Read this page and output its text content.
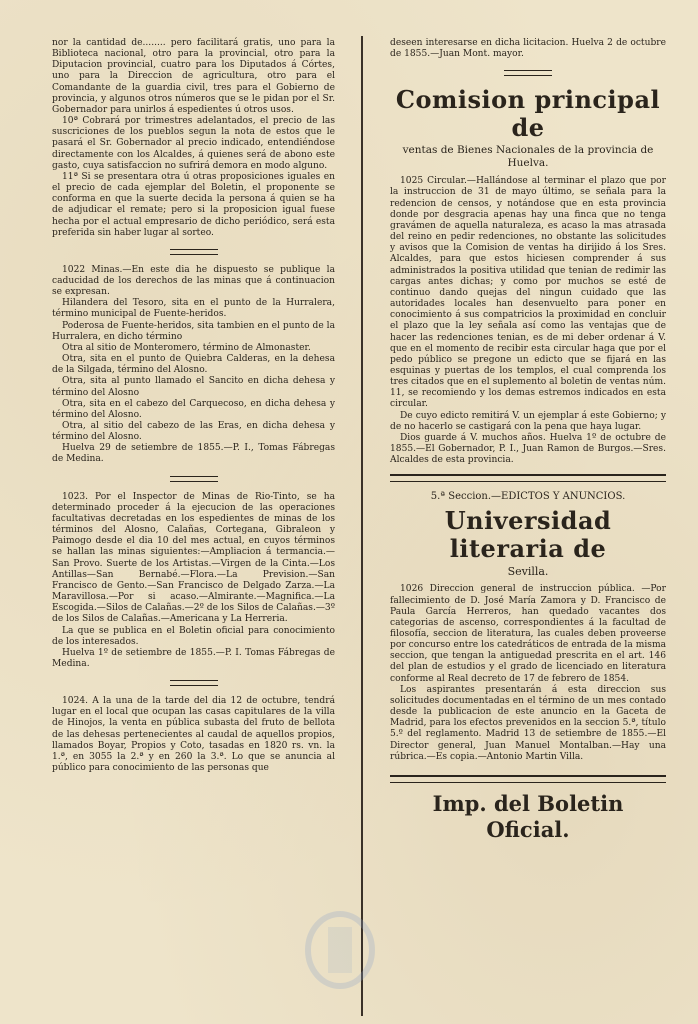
nor la cantidad de........ pero facilitará gratis, uno para la Biblioteca nacional, otro para la provincial, otro para la Diputacion provincial, cuatro para los Diputados á Córtes, uno para la Direccion de agricultura, otro para el Comandante de la guardia civil, tres para el Gobierno de provincia, y algunos otros números que se le pidan por el Sr. Gobernador para unirlos á espedientes ú otros usos.

10ª Cobrará por trimestres adelantados, el precio de las suscriciones de los pueblos segun la nota de estos que le pasará el Sr. Gobernador al precio indicado, entendiéndose directamente con los Alcaldes, á quienes será de abono este gasto, cuya satisfaccion no sufrirá demora en modo alguno.

11ª Si se presentara otra ú otras proposiciones iguales en el precio de cada ejemplar del Boletin, el proponente se conforma en que la suerte decida la persona á quien se ha de adjudicar el remate; pero si la proposicion igual fuese hecha por el actual empresario de dicho periódico, será esta preferida sin haber lugar al sorteo.

1022 Minas.—En este dia he dispuesto se publique la caducidad de los derechos de las minas que á continuacion se expresan.

Hilandera del Tesoro, sita en el punto de la Hurralera, término municipal de Fuente-heridos.

Poderosa de Fuente-heridos, sita tambien en el punto de la Hurralera, en dicho término

Otra al sitio de Monteromero, término de Almonaster.

Otra, sita en el punto de Quiebra Calderas, en la dehesa de la Silgada, término del Alosno.

Otra, sita al punto llamado el Sancito en dicha dehesa y término del Alosno

Otra, sita en el cabezo del Carquecoso, en dicha dehesa y término del Alosno.

Otra, al sitio del cabezo de las Eras, en dicha dehesa y término del Alosno.

Huelva 29 de setiembre de 1855.—P. I., Tomas Fábregas de Medina.

1023. Por el Inspector de Minas de Rio-Tinto, se ha determinado proceder á la ejecucion de las operaciones facultativas decretadas en los espedientes de minas de los términos del Alosno, Calañas, Cortegana, Gibraleon y Paimogo desde el dia 10 del mes actual, en cuyos términos se hallan las minas siguientes:—Ampliacion á termancia.—San Provo. Suerte de los Artistas.—Virgen de la Cinta.—Los Antillas—San Bernabé.—Flora.—La Prevision.—San Francisco de Gento.—San Francisco de Delgado Zarza.—La Maravillosa.—Por si acaso.—Almirante.—Magnifica.—La Escogida.—Silos de Calañas.—2º de los Silos de Calañas.—3º de los Silos de Calañas.—Americana y La Herreria.

La que se publica en el Boletin oficial para conocimiento de los interesados.

Huelva 1º de setiembre de 1855.—P. I. Tomas Fábregas de Medina.

1024. A la una de la tarde del dia 12 de octubre, tendrá lugar en el local que ocupan las casas capitulares de la villa de Hinojos, la venta en pública subasta del fruto de bellota de las dehesas pertenecientes al caudal de aquellos propios, llamados Boyar, Propios y Coto, tasadas en 1820 rs. vn. la 1.ª, en 3055 la 2.ª y en 260 la 3.ª. Lo que se anuncia al público para conocimiento de las personas que

deseen interesarse en dicha licitacion. Huelva 2 de octubre de 1855.—Juan Mont. mayor.

Comision principal de
ventas de Bienes Nacionales de la provincia de Huelva.

1025 Circular.—Hallándose al terminar el plazo que por la instruccion de 31 de mayo último, se señala para la redencion de censos, y notándose que en esta provincia donde por desgracia apenas hay una finca que no tenga gravámen de aquella naturaleza, es acaso la mas atrasada del reino en pedir redenciones, no obstante las solicitudes y avisos que la Comision de ventas ha dirijido á los Sres. Alcaldes, para que estos hiciesen comprender á sus administrados la positiva utilidad que tenian de redimir las cargas antes dichas; y como por muchos se esté de continuo dando quejas del ningun cuidado que las autoridades locales han desenvuelto para poner en conocimiento á sus compatricios la proximidad en concluir el plazo que la ley señala así como las ventajas que de hacer las redenciones tenian, es de mi deber ordenar á V. que en el momento de recibir esta circular haga que por el pedo público se pregone un edicto que se fijará en las esquinas y puertas de los templos, el cual comprenda los tres citados que en el suplemento al boletin de ventas núm. 11, se recomiendo y los demas estremos indicados en esta circular.

De cuyo edicto remitirá V. un ejemplar á este Gobierno; y de no hacerlo se castigará con la pena que haya lugar.

Dios guarde á V. muchos años. Huelva 1º de octubre de 1855.—El Gobernador, P. I., Juan Ramon de Burgos.—Sres. Alcaldes de esta provincia.

5.ª Seccion.—EDICTOS Y ANUNCIOS.
Universidad literaria de
Sevilla.

1026 Direccion general de instruccion pública. —Por fallecimiento de D. José María Zamora y D. Francisco de Paula García Herreros, han quedado vacantes dos categorias de ascenso, correspondientes á la facultad de filosofía, seccion de literatura, las cuales deben proveerse por concurso entre los catedráticos de entrada de la misma seccion, que tengan la antiguedad prescrita en el art. 146 del plan de estudios y el grado de licenciado en literatura conforme al Real decreto de 17 de febrero de 1854.

Los aspirantes presentarán á esta direccion sus solicitudes documentadas en el término de un mes contado desde la publicacion de este anuncio en la Gaceta de Madrid, para los efectos prevenidos en la seccion 5.ª, título 5.º del reglamento. Madrid 13 de setiembre de 1855.—El Director general, Juan Manuel Montalban.—Hay una rúbrica.—Es copia.—Antonio Martin Villa.

Imp. del Boletin Oficial.
